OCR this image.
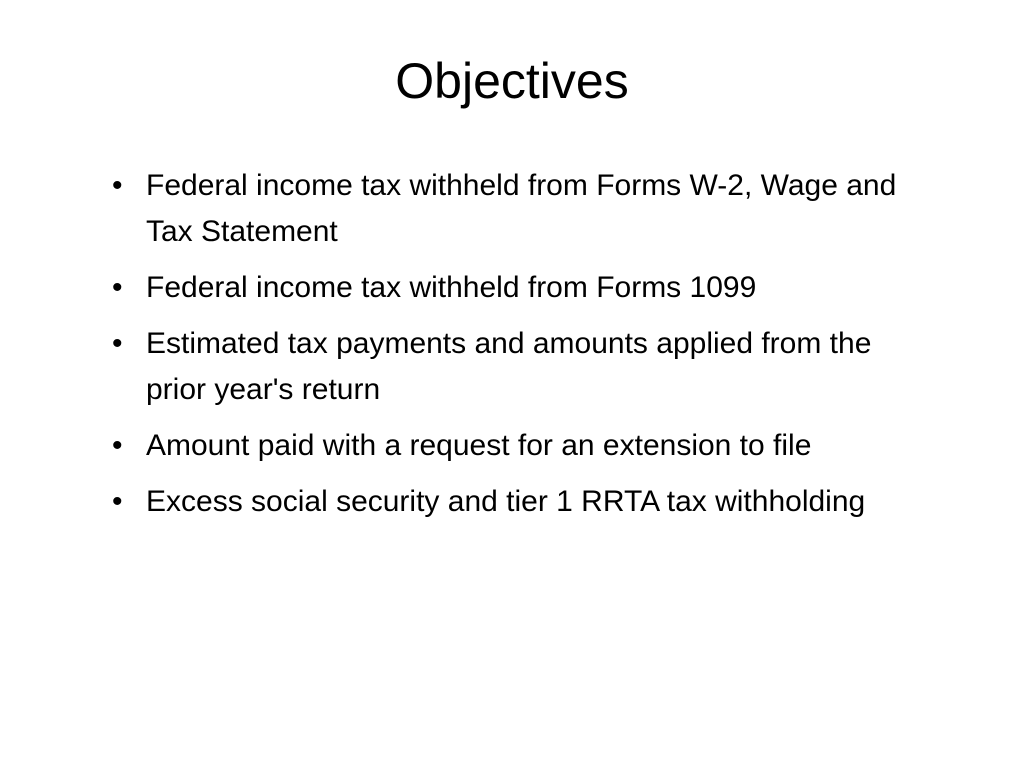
Objectives
• Federal income tax withheld from Forms W-2, Wage and Tax Statement
• Federal income tax withheld from Forms 1099
• Estimated tax payments and amounts applied from the prior year's return
• Amount paid with a request for an extension to file
• Excess social security and tier 1 RRTA tax withholding
